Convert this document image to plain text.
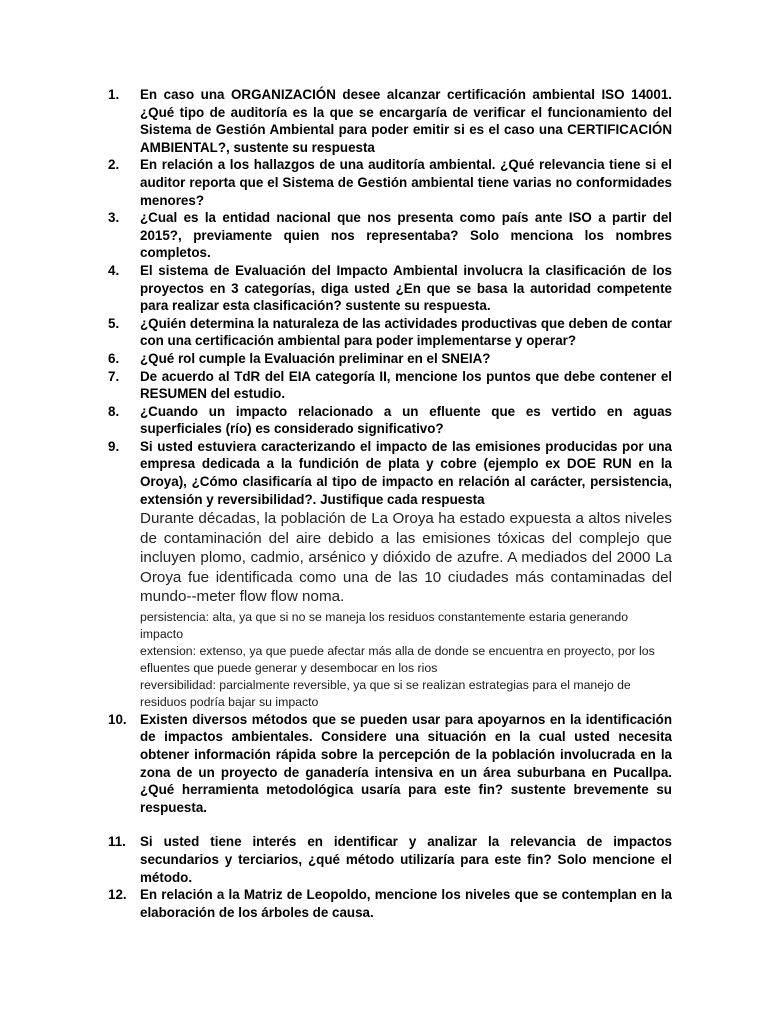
1.	En caso una ORGANIZACIÓN desee alcanzar certificación ambiental ISO 14001. ¿Qué tipo de auditoría es la que se encargaría de verificar el funcionamiento del Sistema de Gestión Ambiental para poder emitir si es el caso una CERTIFICACIÓN AMBIENTAL?, sustente su respuesta

2.	En relación a los hallazgos de una auditoría ambiental. ¿Qué relevancia tiene si el auditor reporta que el Sistema de Gestión ambiental tiene varias no conformidades menores?

3.	¿Cual es la entidad nacional que nos presenta como país ante ISO a partir del 2015?, previamente quien nos representaba? Solo menciona los nombres completos.

4.	El sistema de Evaluación del Impacto Ambiental involucra la clasificación de los proyectos en 3 categorías, diga usted ¿En que se basa la autoridad competente para realizar esta clasificación? sustente su respuesta.

5.	¿Quién determina la naturaleza de las actividades productivas que deben de contar con una certificación ambiental para poder implementarse y operar?

6.	¿Qué rol cumple la Evaluación preliminar en el SNEIA?

7.	De acuerdo al TdR del EIA categoría II, mencione los puntos que debe contener el RESUMEN del estudio.

8.	¿Cuando un impacto relacionado a un efluente que es vertido en aguas superficiales (río) es considerado significativo?

9.	Si usted estuviera caracterizando el impacto de las emisiones producidas por una empresa dedicada a la fundición de plata y cobre (ejemplo ex DOE RUN en la Oroya), ¿Cómo clasificaría al tipo de impacto en relación al carácter, persistencia, extensión y reversibilidad?. Justifique cada respuesta

Durante décadas, la población de La Oroya ha estado expuesta a altos niveles de contaminación del aire debido a las emisiones tóxicas del complejo que incluyen plomo, cadmio, arsénico y dióxido de azufre. A mediados del 2000 La Oroya fue identificada como una de las 10 ciudades más contaminadas del mundo--meter flow flow noma.

persistencia: alta, ya que si no se maneja los residuos constantemente estaria generando impacto

extension: extenso, ya que puede afectar más alla de donde se encuentra en proyecto, por los efluentes que puede generar y desembocar en los rios

reversibilidad: parcialmente reversible, ya que si se realizan estrategias para el manejo de residuos podría bajar su impacto

10. Existen diversos métodos que se pueden usar para apoyarnos en la identificación de impactos ambientales. Considere una situación en la cual usted necesita obtener información rápida sobre la percepción de la población involucrada en la zona de un proyecto de ganadería intensiva en un área suburbana en Pucallpa. ¿Qué herramienta metodológica usaría para este fin? sustente brevemente su respuesta.

11.	Si usted tiene interés en identificar y analizar la relevancia de impactos secundarios y terciarios, ¿qué método utilizaría para este fin? Solo mencione el método.

12. En relación a la Matriz de Leopoldo, mencione los niveles que se contemplan en la elaboración de los árboles de causa.
